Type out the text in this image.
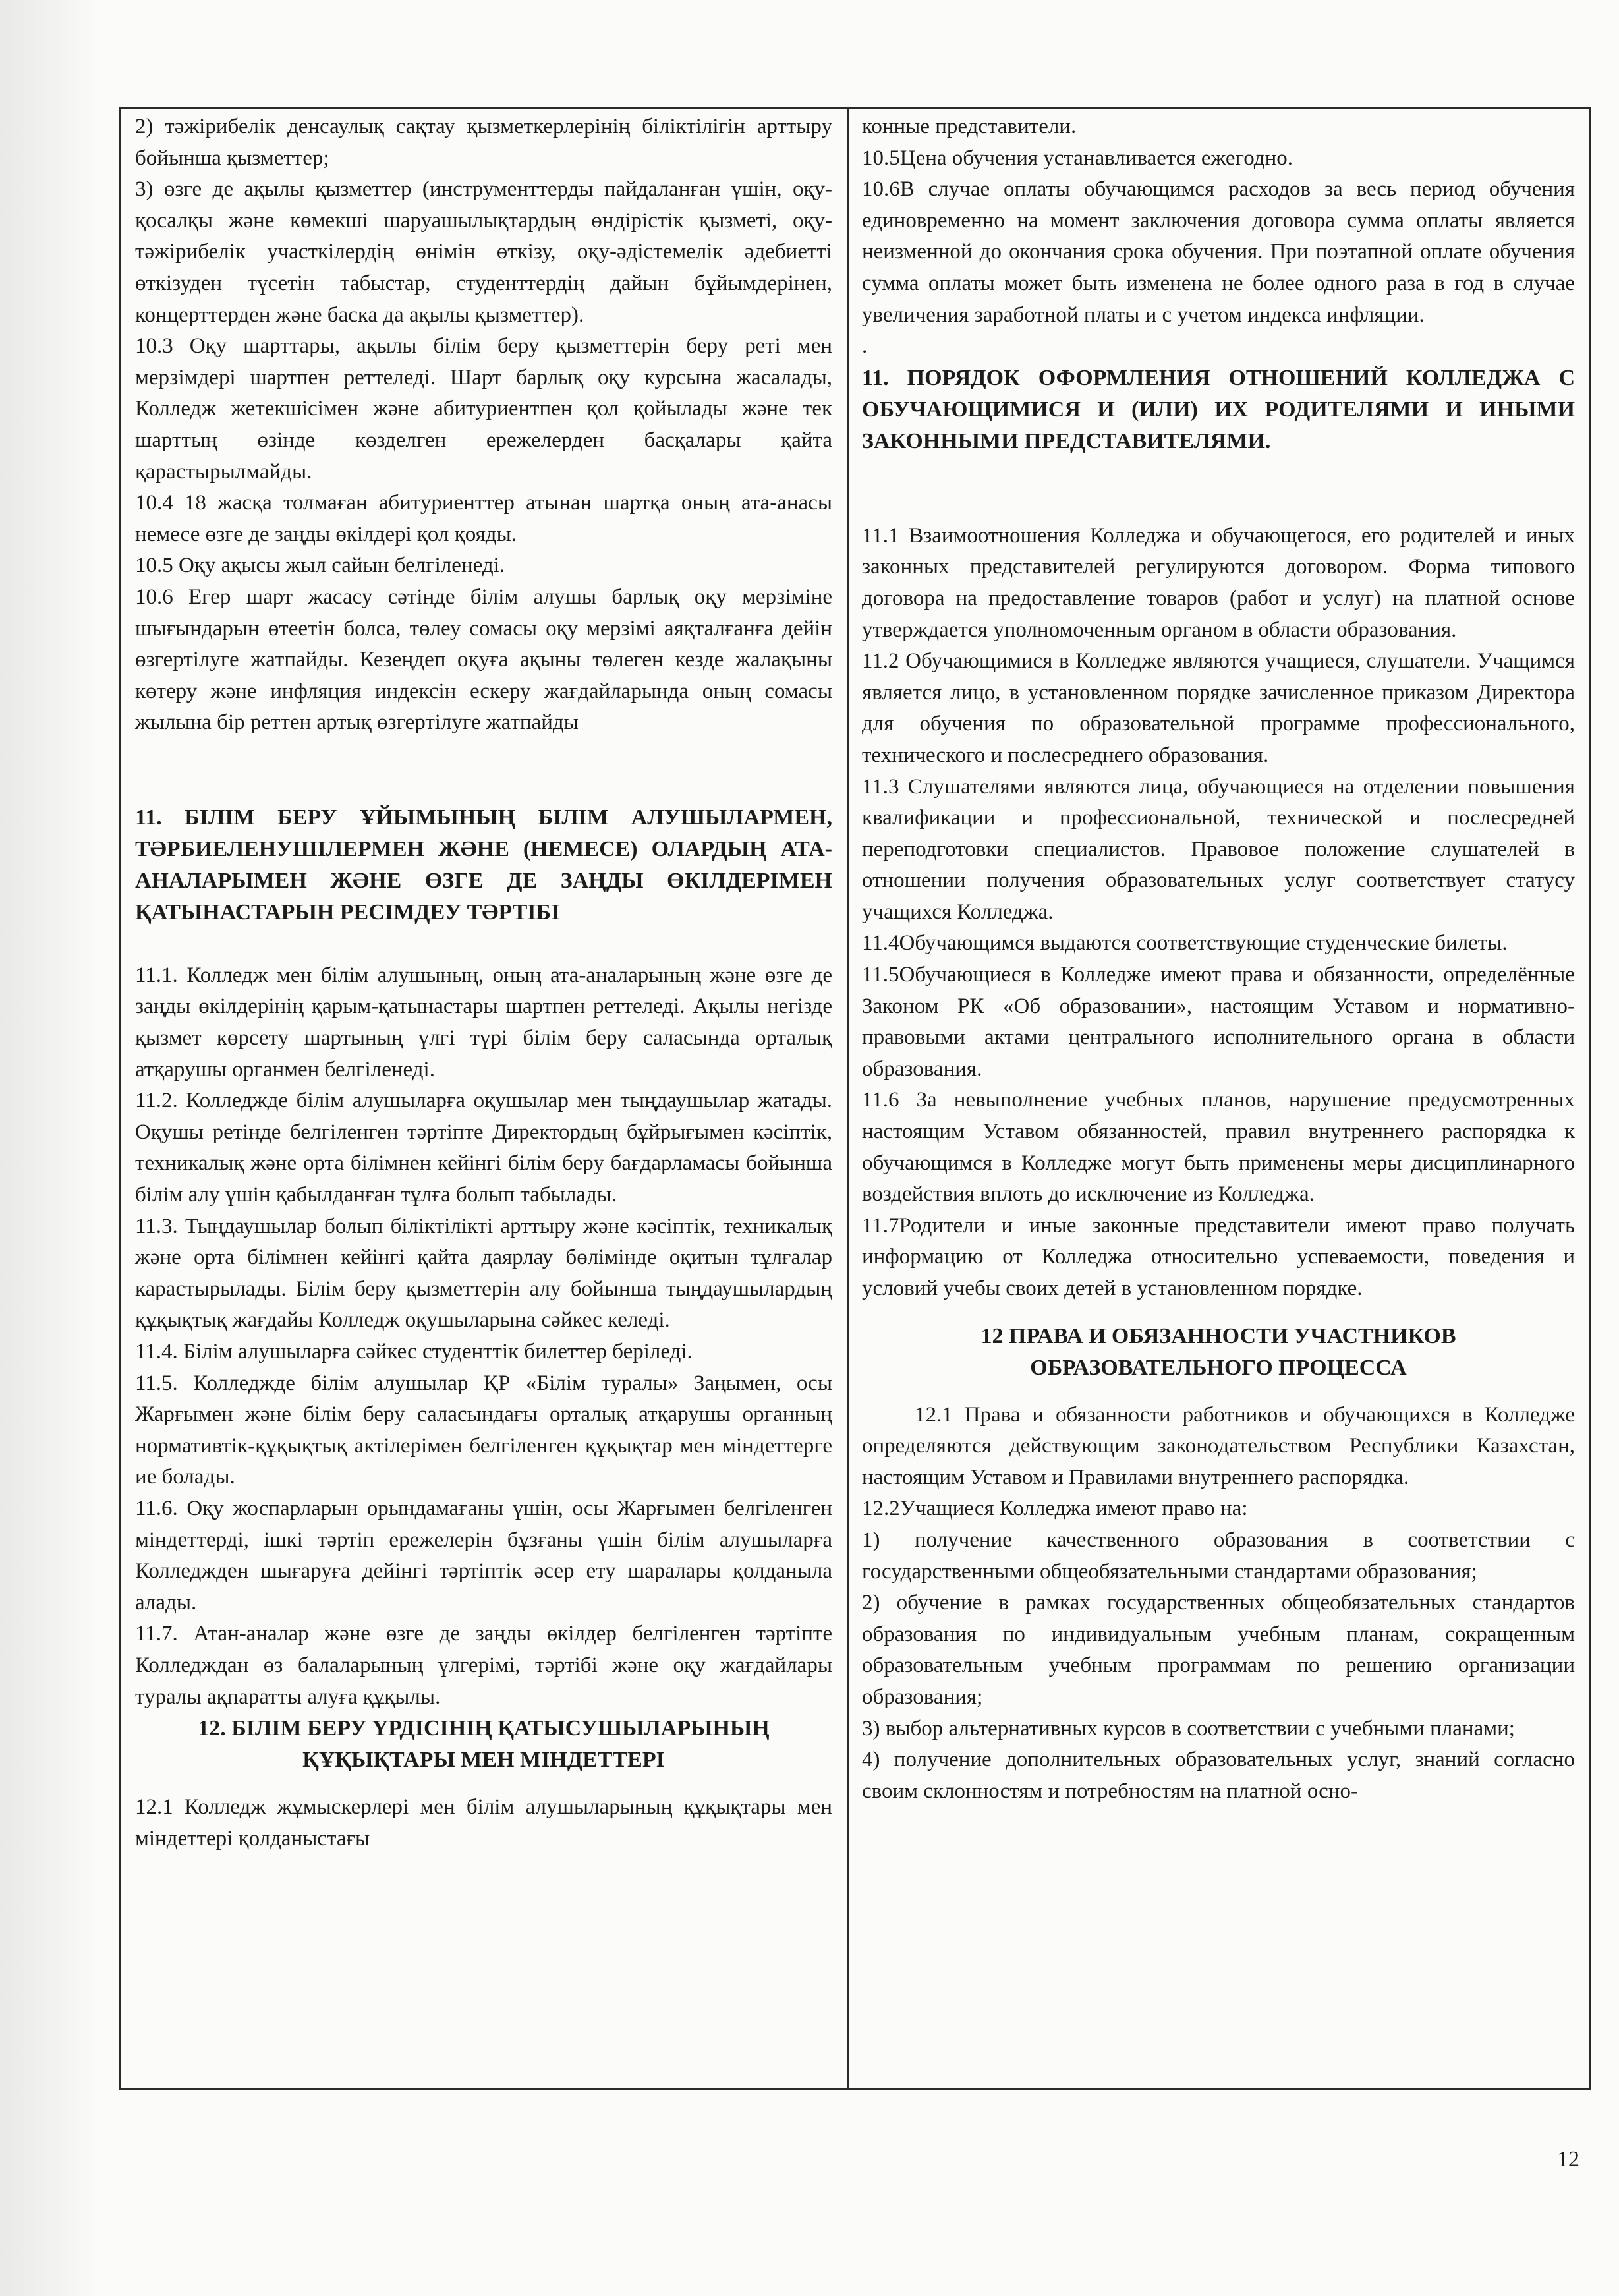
2) тәжірибелік денсаулық сақтау қызметкерлерінің біліктілігін арттыру бойынша қызметтер;

3) өзге де ақылы қызметтер (инструменттерды пайдаланған үшін, оқу-қосалқы және көмекші шаруашылықтардың өндірістік қызметі, оқу-тәжірибелік участкілердің өнімін өткізу, оқу-әдістемелік әдебиетті өткізуден түсетін табыстар, студенттердің дайын бұйымдерінен, концерттерден және баска да ақылы қызметтер).

10.3 Оқу шарттары, ақылы білім беру қызметтерін беру реті мен мерзімдері шартпен реттеледі. Шарт барлық оқу курсына жасалады, Колледж жетекшісімен және абитуриентпен қол қойылады және тек шарттың өзінде көзделген ережелерден басқалары қайта қарастырылмайды.

10.4 18 жасқа толмаған абитуриенттер атынан шартқа оның ата-анасы немесе өзге де заңды өкілдері қол қояды.

10.5 Оқу ақысы жыл сайын белгіленеді.

10.6 Егер шарт жасасу сәтінде білім алушы барлық оқу мерзіміне шығындарын өтеетін болса, төлеу сомасы оқу мерзімі аяқталғанға дейін өзгертілуге жатпайды. Кезеңдеп оқуға ақыны төлеген кезде жалақыны көтеру және инфляция индексін ескеру жағдайларында оның сомасы жылына бір реттен артық өзгертілуге жатпайды

11. БІЛІМ БЕРУ ҰЙЫМЫНЫҢ БІЛІМ АЛУШЫЛАРМЕН, ТӘРБИЕЛЕНУШІЛЕРМЕН ЖӘНЕ (НЕМЕСЕ) ОЛАРДЫҢ АТА-АНАЛАРЫМЕН ЖӘНЕ ӨЗГЕ ДЕ ЗАҢДЫ ӨКІЛДЕРІМЕН ҚАТЫНАСТАРЫН РЕСІМДЕУ ТӘРТІБІ

11.1. Колледж мен білім алушының, оның ата-аналарының және өзге де заңды өкілдерінің қарым-қатынастары шартпен реттеледі. Ақылы негізде қызмет көрсету шартының үлгі түрі білім беру саласында орталық атқарушы органмен белгіленеді.

11.2. Колледжде білім алушыларға оқушылар мен тыңдаушылар жатады. Оқушы ретінде белгіленген тәртіпте Директордың бұйрығымен кәсіптік, техникалық және орта білімнен кейінгі білім беру бағдарламасы бойынша білім алу үшін қабылданған тұлға болып табылады.

11.3. Тыңдаушылар болып біліктілікті арттыру және кәсіптік, техникалық және орта білімнен кейінгі қайта даярлау бөлімінде оқитын тұлғалар карастырылады. Білім беру қызметтерін алу бойынша тыңдаушылардың құқықтық жағдайы Колледж оқушыларына сәйкес келеді.

11.4. Білім алушыларға сәйкес студенттік билеттер беріледі.

11.5. Колледжде білім алушылар ҚР «Білім туралы» Заңымен, осы Жарғымен және білім беру саласындағы орталық атқарушы органның нормативтік-құқықтық актілерімен белгіленген құқықтар мен міндеттерге ие болады.

11.6. Оқу жоспарларын орындамағаны үшін, осы Жарғымен белгіленген міндеттерді, ішкі тәртіп ережелерін бұзғаны үшін білім алушыларға Колледжден шығаруға дейінгі тәртіптік әсер ету шаралары қолданыла алады.

11.7. Атан-аналар және өзге де заңды өкілдер белгіленген тәртіпте Колледждан өз балаларының үлгерімі, тәртібі және оқу жағдайлары туралы ақпаратты алуға құқылы.

12. БІЛІМ БЕРУ ҮРДІСІНІҢ ҚАТЫСУШЫЛАРЫНЫҢ ҚҰҚЫҚТАРЫ МЕН МІНДЕТТЕРІ

12.1 Колледж жұмыскерлері мен білім алушыларының құқықтары мен міндеттері қолданыстағы

конные представители.

10.5Цена обучения устанавливается ежегодно.

10.6В случае оплаты обучающимся расходов за весь период обучения единовременно на момент заключения договора сумма оплаты является неизменной до окончания срока обучения. При поэтапной оплате обучения сумма оплаты может быть изменена не более одного раза в год в случае увеличения заработной платы и с учетом индекса инфляции.

.

11. ПОРЯДОК ОФОРМЛЕНИЯ ОТНОШЕНИЙ КОЛЛЕДЖА С ОБУЧАЮЩИМИСЯ И (ИЛИ) ИХ РОДИТЕЛЯМИ И ИНЫМИ ЗАКОННЫМИ ПРЕДСТАВИТЕЛЯМИ.

11.1 Взаимоотношения Колледжа и обучающегося, его родителей и иных законных представителей регулируются договором. Форма типового договора на предоставление товаров (работ и услуг) на платной основе утверждается уполномоченным органом в области образования.

11.2 Обучающимися в Колледже являются учащиеся, слушатели. Учащимся является лицо, в установленном порядке зачисленное приказом Директора для обучения по образовательной программе профессионального, технического и послесреднего образования.

11.3 Слушателями являются лица, обучающиеся на отделении повышения квалификации и профессиональной, технической и послесредней переподготовки специалистов. Правовое положение слушателей в отношении получения образовательных услуг соответствует статусу учащихся Колледжа.

11.4Обучающимся выдаются соответствующие студенческие билеты.

11.5Обучающиеся в Колледже имеют права и обязанности, определённые Законом РК «Об образовании», настоящим Уставом и нормативно-правовыми актами центрального исполнительного органа в области образования.

11.6 За невыполнение учебных планов, нарушение предусмотренных настоящим Уставом обязанностей, правил внутреннего распорядка к обучающимся в Колледже могут быть применены меры дисциплинарного воздействия вплоть до исключение из Колледжа.

11.7Родители и иные законные представители имеют право получать информацию от Колледжа относительно успеваемости, поведения и условий учебы своих детей в установленном порядке.

12 ПРАВА И ОБЯЗАННОСТИ УЧАСТНИКОВ ОБРАЗОВАТЕЛЬНОГО ПРОЦЕССА

12.1 Права и обязанности работников и обучающихся в Колледже определяются действующим законодательством Республики Казахстан, настоящим Уставом и Правилами внутреннего распорядка.

12.2Учащиеся Колледжа имеют право на:

1) получение качественного образования в соответствии с государственными общеобязательными стандартами образования;

2) обучение в рамках государственных общеобязательных стандартов образования по индивидуальным учебным планам, сокращенным образовательным учебным программам по решению организации образования;

3) выбор альтернативных курсов в соответствии с учебными планами;

4) получение дополнительных образовательных услуг, знаний согласно своим склонностям и потребностям на платной осно-

12
